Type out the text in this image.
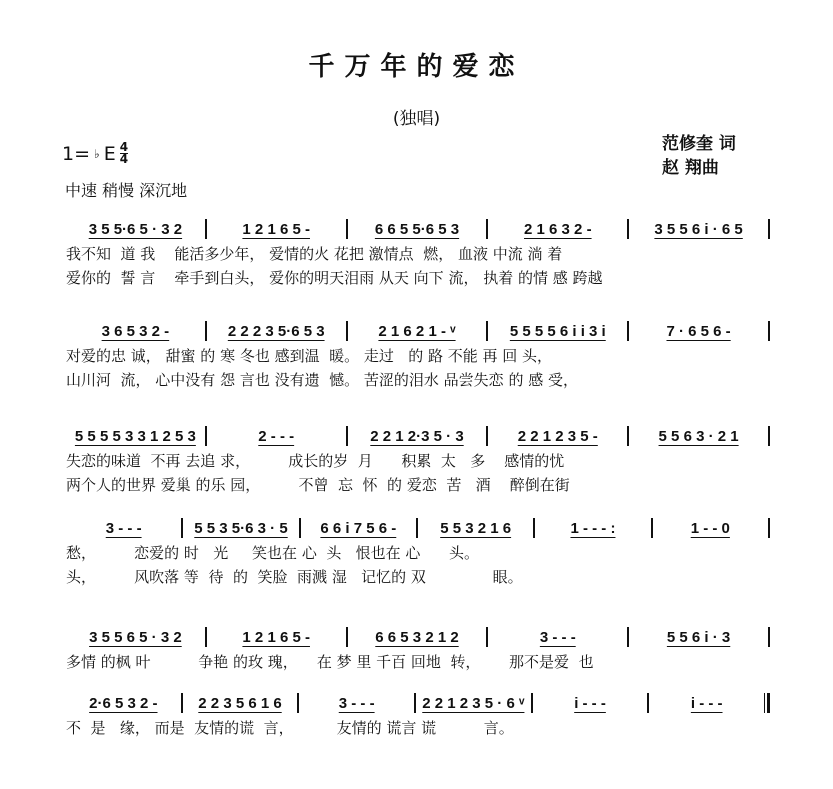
千万年的爱恋
(独唱)
1= ♭ E $\frac{4}{4}$	范修奎 词
赵 翔曲
中速 稍慢 深沉地
3 5 5·6 5 · 3 2	1 2 1 6 5 -	6 6 5 5·6 5 3	2 1 6 3 2 -	3 5 5 6 i · 6 5
我不知  道 我    能活多少年， 爱情的火 花把 激情点  燃， 血液 中流 淌 着
爱你的  誓 言    牵手到白头， 爱你的明天泪雨 从天 向下 流， 执着 的情 感 跨越
3 6 5 3 2 -	2 2 2 3 5·6 5 3	2 1 6 2 1 - ᵛ	5 5 5 5 6 i i 3 i	7 · 6 5 6 -
对爱的忠 诚， 甜蜜 的 寒 冬也 感到温  暖。 走过   的 路 不能 再 回 头，
山川河  流， 心中没有 怨 言也 没有遗  憾。 苦涩的泪水 品尝失恋 的 感 受，
5 5 5 5 3 3 1 2 5 3	2 - - -	2 2 1 2·3 5 · 3	2 2 1 2 3 5 -	5 5 6 3 · 2 1
失恋的味道  不再 去追 求，        成长的岁  月      积累  太   多    感情的忧
两个人的世界 爱巢 的乐 园，        不曾  忘  怀  的 爱恋  苦   酒    醉倒在街
3 - - -	5 5 3 5·6 3 · 5	6 6 i 7 5 6 -	5 5 3 2 1 6	1 - - - :	1 - - 0
愁，        恋爱的 时   光     笑也在 心  头   恨也在 心      头。
头，        风吹落 等  待  的  笑脸  雨溅 湿   记忆的 双              眼。
3 5 5 6 5 · 3 2	1 2 1 6 5 -	6 6 5 3 2 1 2	3 - - -	5 5 6 i · 3
多情 的枫 叶          争艳 的玫 瑰，    在 梦 里 千百 回地  转，      那不是爱  也
2·6 5 3 2 -	2 2 3 5 6 1 6	3 - - -	2 2 1 2 3 5 · 6 ᵛ	i - - -	i - - -
不  是   缘， 而是  友情的谎  言，         友情的 谎言 谎          言。
